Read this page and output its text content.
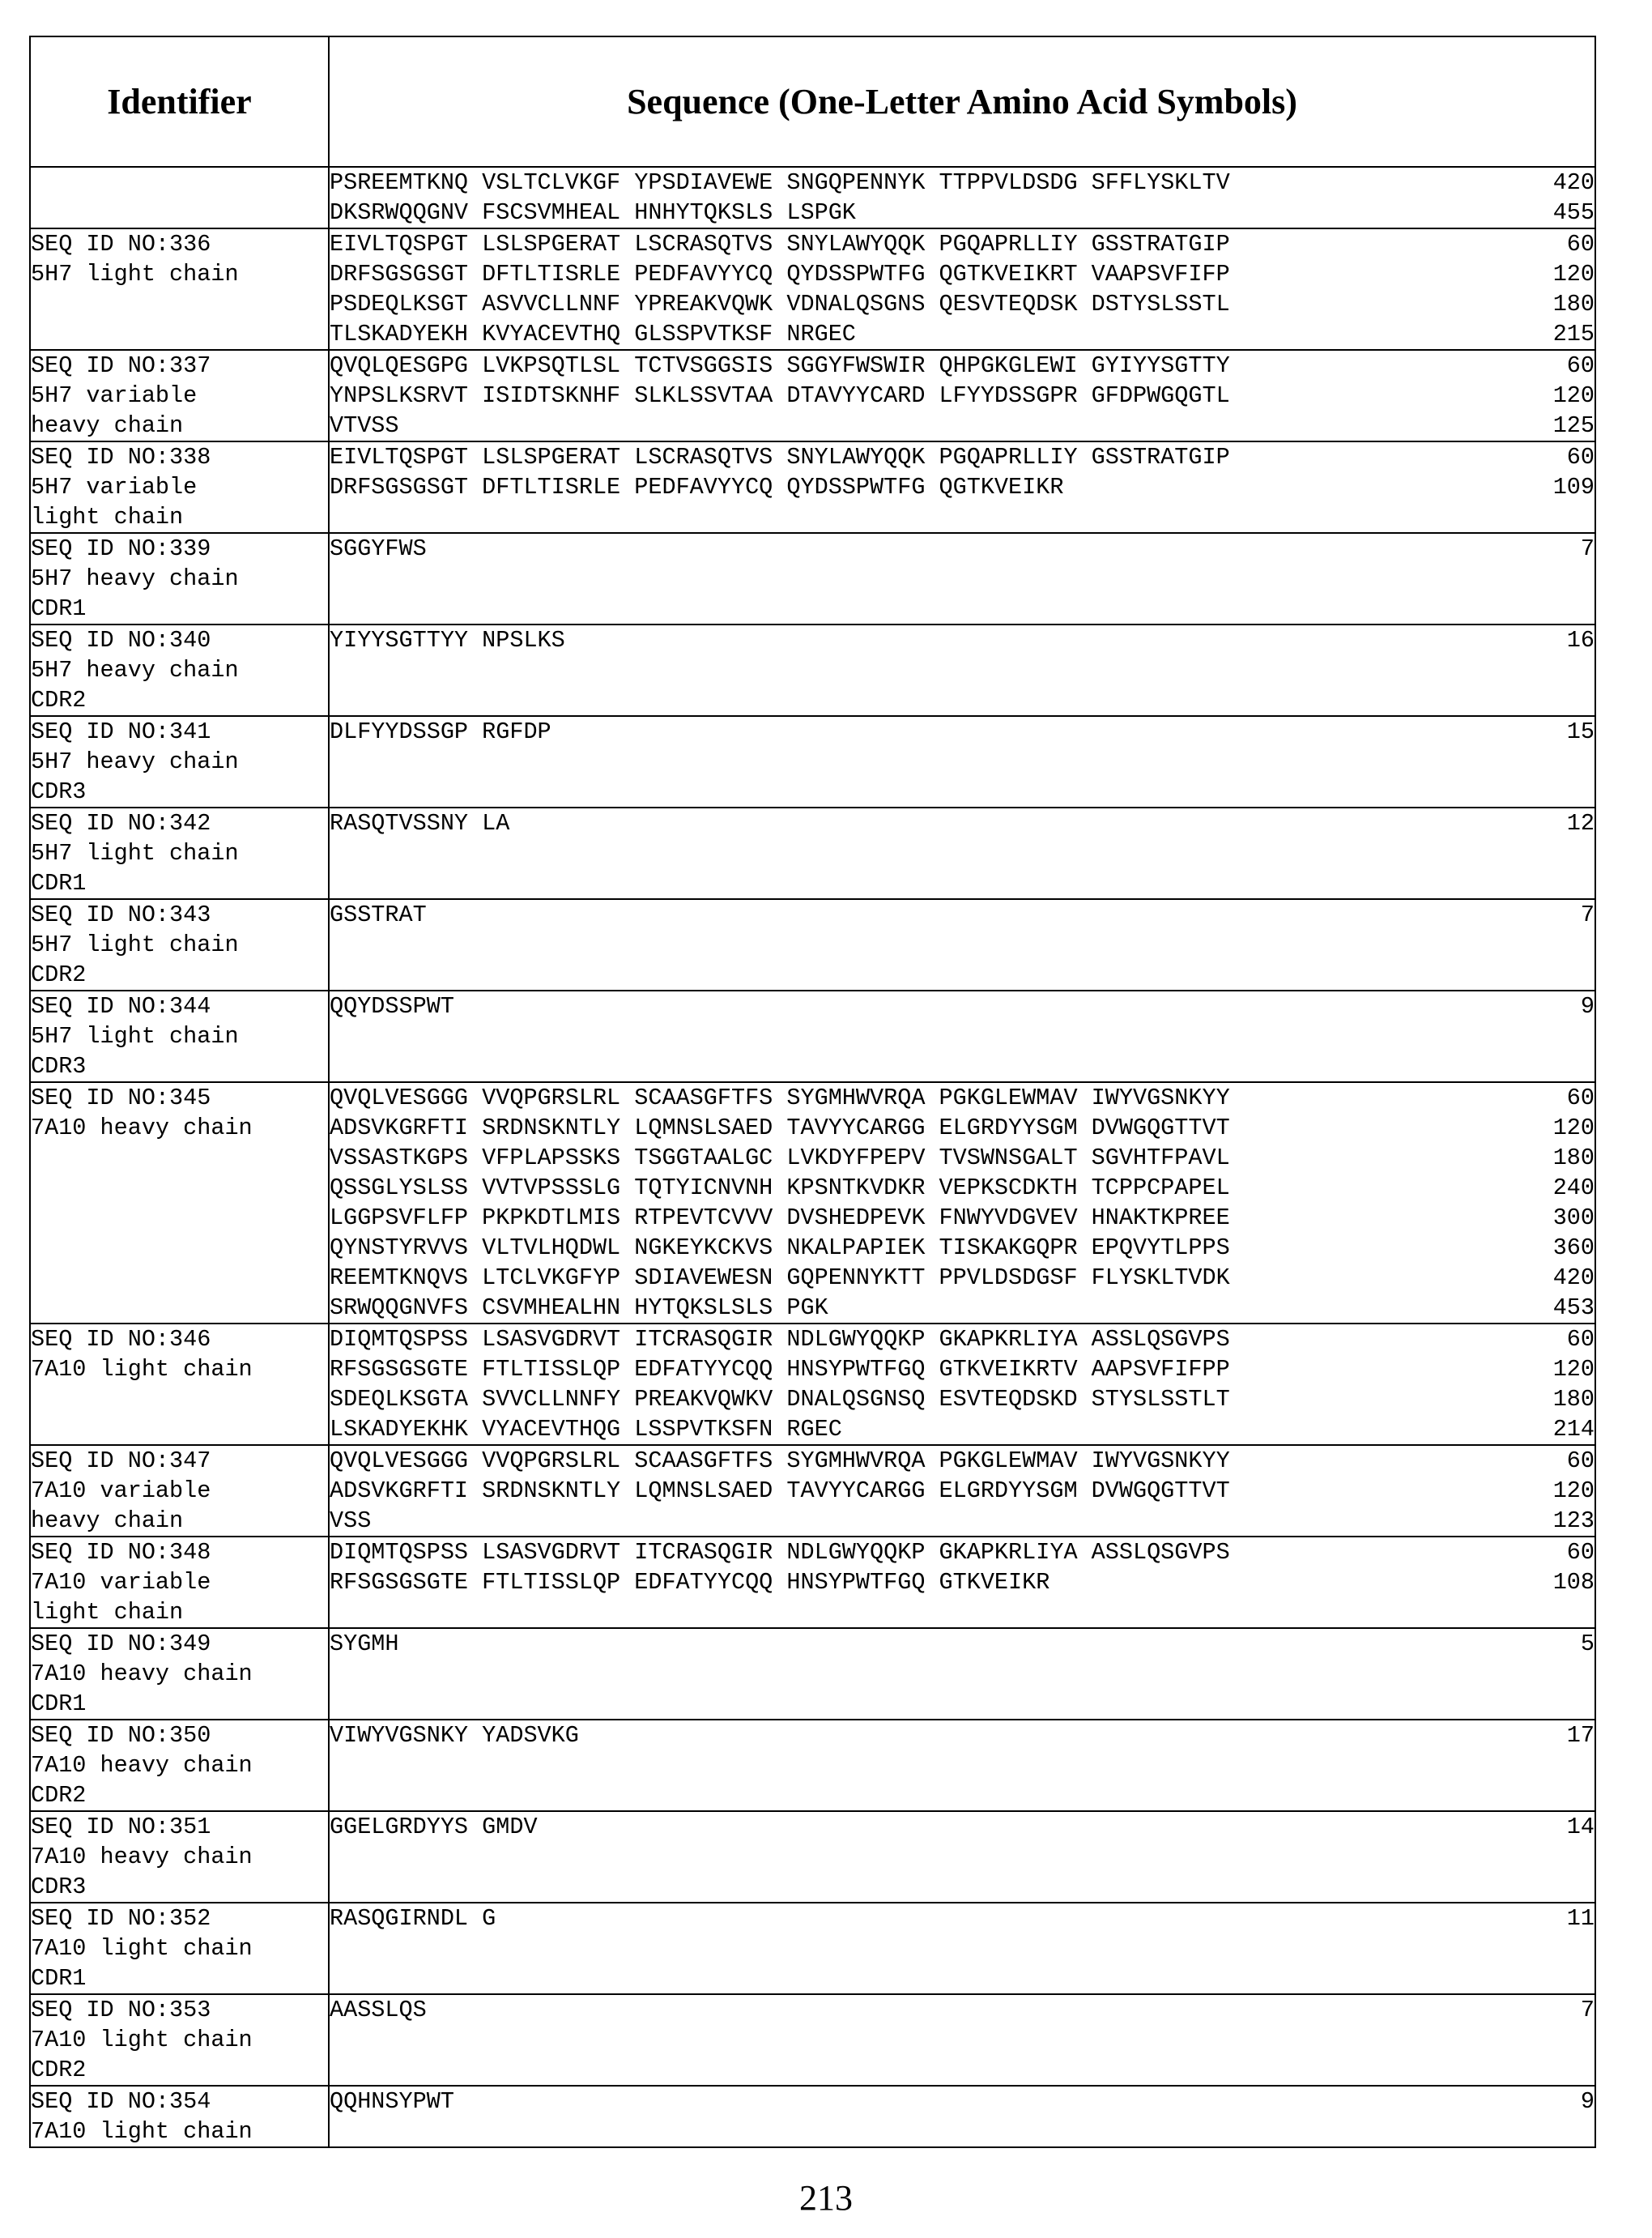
Identifier	Sequence (One-Letter Amino Acid Symbols)

PSREEMTKNQ VSLTCLVKGF YPSDIAVEWE SNGQPENNYK TTPPVLDSDG SFFLYSKLTV	420
DKSRWQQGNV FSCSVMHEAL HNHYTQKSLS LSPGK	455

SEQ ID NO:336
5H7 light chain

EIVLTQSPGT LSLSPGERAT LSCRASQTVS SNYLAWYQQK PGQAPRLLIY GSSTRATGIP	60
DRFSGSGSGT DFTLTISRLE PEDFAVYYCQ QYDSSPWTFG QGTKVEIKRT VAAPSVFIFP	120
PSDEQLKSGT ASVVCLLNNF YPREAKVQWK VDNALQSGNS QESVTEQDSK DSTYSLSSTL	180
TLSKADYEKH KVYACEVTHQ GLSSPVTKSF NRGEC	215

SEQ ID NO:337
5H7 variable
heavy chain

QVQLQESGPG LVKPSQTLSL TCTVSGGSIS SGGYFWSWIR QHPGKGLEWI GYIYYSGTTY	60
YNPSLKSRVT ISIDTSKNHF SLKLSSVTAA DTAVYYCARD LFYYDSSGPR GFDPWGQGTL	120
VTVSS	125

SEQ ID NO:338
5H7 variable
light chain

EIVLTQSPGT LSLSPGERAT LSCRASQTVS SNYLAWYQQK PGQAPRLLIY GSSTRATGIP	60
DRFSGSGSGT DFTLTISRLE PEDFAVYYCQ QYDSSPWTFG QGTKVEIKR	109

SEQ ID NO:339
5H7 heavy chain
CDR1

SGGYFWS	7

SEQ ID NO:340
5H7 heavy chain
CDR2

YIYYSGTTYY NPSLKS	16

SEQ ID NO:341
5H7 heavy chain
CDR3

DLFYYDSSGP RGFDP	15

SEQ ID NO:342
5H7 light chain
CDR1

RASQTVSSNY LA	12

SEQ ID NO:343
5H7 light chain
CDR2

GSSTRAT	7

SEQ ID NO:344
5H7 light chain
CDR3

QQYDSSPWT	9

SEQ ID NO:345
7A10 heavy chain

QVQLVESGGG VVQPGRSLRL SCAASGFTFS SYGMHWVRQA PGKGLEWMAV IWYVGSNKYY	60
ADSVKGRFTI SRDNSKNTLY LQMNSLSAED TAVYYCARGG ELGRDYYSGM DVWGQGTTVT	120
VSSASTKGPS VFPLAPSSKS TSGGTAALGC LVKDYFPEPV TVSWNSGALT SGVHTFPAVL	180
QSSGLYSLSS VVTVPSSSLG TQTYICNVNH KPSNTKVDKR VEPKSCDKTH TCPPCPAPEL	240
LGGPSVFLFP PKPKDTLMIS RTPEVTCVVV DVSHEDPEVK FNWYVDGVEV HNAKTKPREE	300
QYNSTYRVVS VLTVLHQDWL NGKEYKCKVS NKALPAPIEK TISKAKGQPR EPQVYTLPPS	360
REEMTKNQVS LTCLVKGFYP SDIAVEWESN GQPENNYKTT PPVLDSDGSF FLYSKLTVDK	420
SRWQQGNVFS CSVMHEALHN HYTQKSLSLS PGK	453

SEQ ID NO:346
7A10 light chain

DIQMTQSPSS LSASVGDRVT ITCRASQGIR NDLGWYQQKP GKAPKRLIYA ASSLQSGVPS	60
RFSGSGSGTE FTLTISSLQP EDFATYYCQQ HNSYPWTFGQ GTKVEIKRTV AAPSVFIFPP	120
SDEQLKSGTA SVVCLLNNFY PREAKVQWKV DNALQSGNSQ ESVTEQDSKD STYSLSSTLT	180
LSKADYEKHK VYACEVTHQG LSSPVTKSFN RGEC	214

SEQ ID NO:347
7A10 variable
heavy chain

QVQLVESGGG VVQPGRSLRL SCAASGFTFS SYGMHWVRQA PGKGLEWMAV IWYVGSNKYY	60
ADSVKGRFTI SRDNSKNTLY LQMNSLSAED TAVYYCARGG ELGRDYYSGM DVWGQGTTVT	120
VSS	123

SEQ ID NO:348
7A10 variable
light chain

DIQMTQSPSS LSASVGDRVT ITCRASQGIR NDLGWYQQKP GKAPKRLIYA ASSLQSGVPS	60
RFSGSGSGTE FTLTISSLQP EDFATYYCQQ HNSYPWTFGQ GTKVEIKR	108

SEQ ID NO:349
7A10 heavy chain
CDR1

SYGMH	5

SEQ ID NO:350
7A10 heavy chain
CDR2

VIWYVGSNKY YADSVKG	17

SEQ ID NO:351
7A10 heavy chain
CDR3

GGELGRDYYS GMDV	14

SEQ ID NO:352
7A10 light chain
CDR1

RASQGIRNDL G	11

SEQ ID NO:353
7A10 light chain
CDR2

AASSLQS	7

SEQ ID NO:354
7A10 light chain

QQHNSYPWT	9
213
